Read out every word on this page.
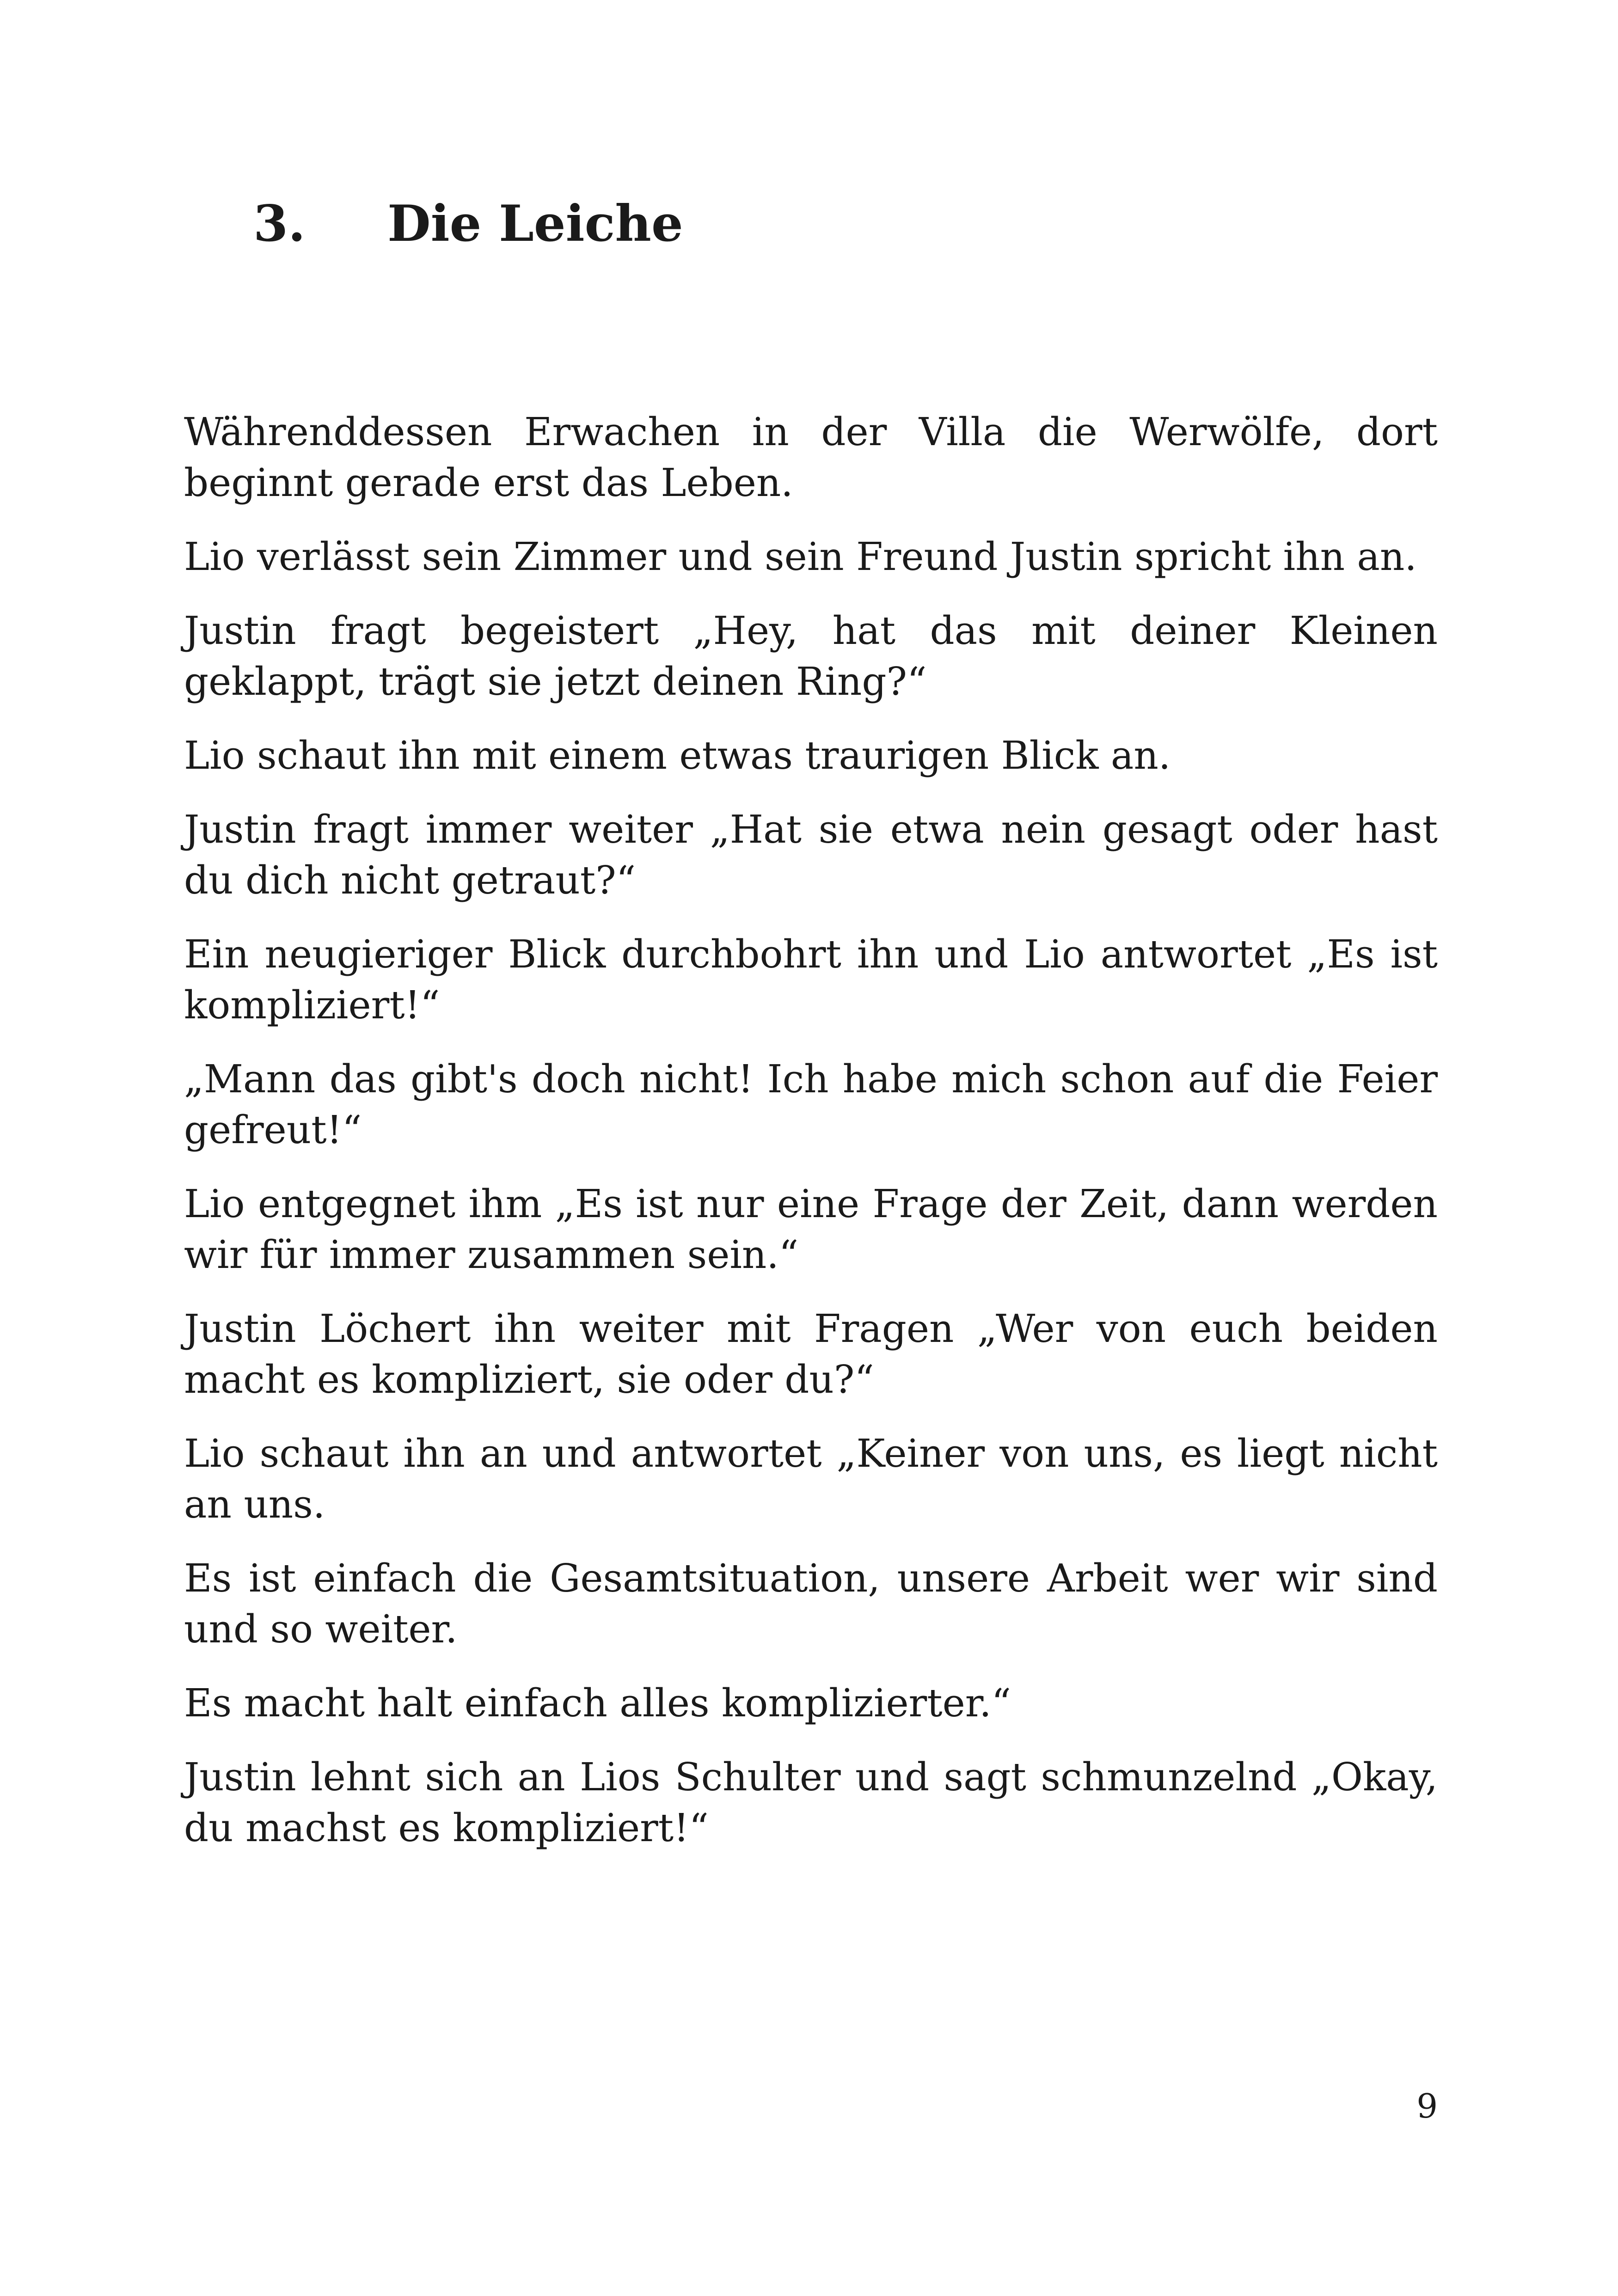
3. Die Leiche

Währenddessen Erwachen in der Villa die Werwölfe, dort beginnt gerade erst das Leben.

Lio verlässt sein Zimmer und sein Freund Justin spricht ihn an.

Justin fragt begeistert „Hey, hat das mit deiner Kleinen geklappt, trägt sie jetzt deinen Ring?“

Lio schaut ihn mit einem etwas traurigen Blick an.

Justin fragt immer weiter „Hat sie etwa nein gesagt oder hast du dich nicht getraut?“

Ein neugieriger Blick durchbohrt ihn und Lio antwortet „Es ist kompliziert!“

„Mann das gibt's doch nicht! Ich habe mich schon auf die Feier gefreut!“

Lio entgegnet ihm „Es ist nur eine Frage der Zeit, dann werden wir für immer zusammen sein.“

Justin Löchert ihn weiter mit Fragen „Wer von euch beiden macht es kompliziert, sie oder du?“

Lio schaut ihn an und antwortet „Keiner von uns, es liegt nicht an uns.

Es ist einfach die Gesamtsituation, unsere Arbeit wer wir sind und so weiter.

Es macht halt einfach alles komplizierter.“

Justin lehnt sich an Lios Schulter und sagt schmunzelnd „Okay, du machst es kompliziert!“

9
